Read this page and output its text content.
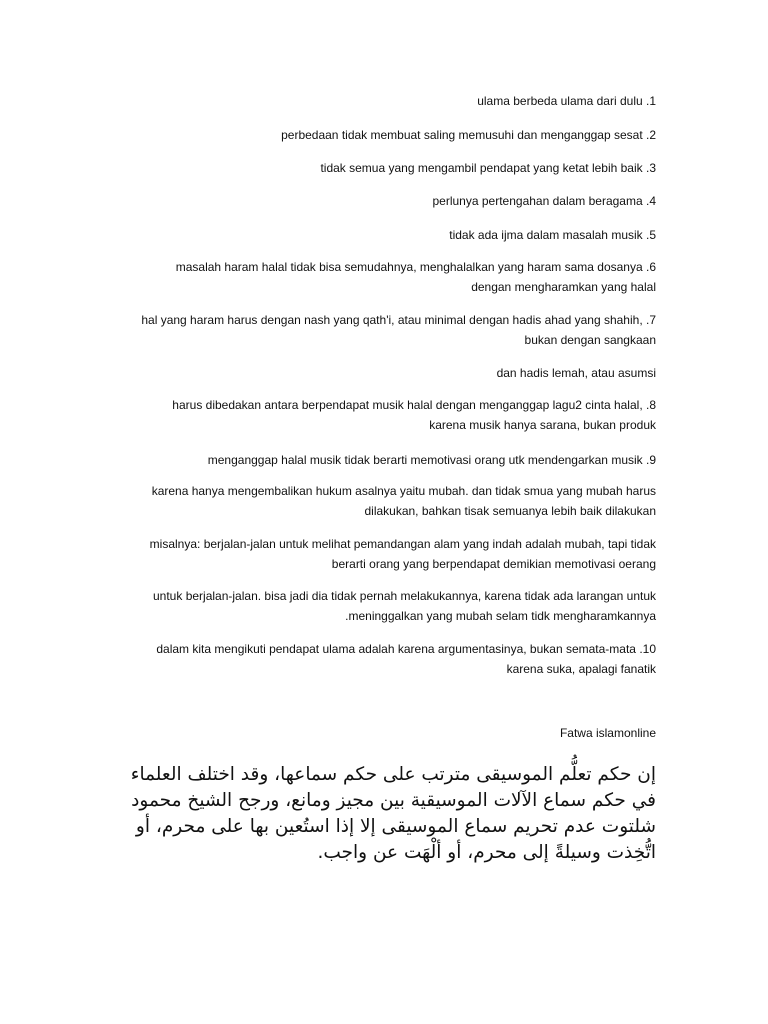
ulama berbeda ulama dari dulu .1
perbedaan tidak membuat saling memusuhi dan menganggap sesat .2
tidak semua yang mengambil pendapat yang ketat lebih baik .3
perlunya pertengahan dalam beragama .4
tidak ada ijma dalam masalah musik .5
masalah haram halal tidak bisa semudahnya, menghalalkan yang haram sama dosanya .6
dengan mengharamkan yang halal
hal yang haram harus dengan nash yang qath'i, atau minimal dengan hadis ahad yang shahih, .7
bukan dengan sangkaan
dan hadis lemah, atau asumsi
harus dibedakan antara berpendapat musik halal dengan menganggap lagu2 cinta halal, .8
karena musik hanya sarana, bukan produk
menganggap halal musik tidak berarti memotivasi orang utk mendengarkan musik .9
karena hanya mengembalikan hukum asalnya yaitu mubah. dan tidak smua yang mubah harus
dilakukan, bahkan tisak semuanya lebih baik dilakukan
misalnya: berjalan-jalan untuk melihat pemandangan alam yang indah adalah mubah, tapi tidak
berarti orang yang berpendapat demikian memotivasi oerang
untuk berjalan-jalan. bisa jadi dia tidak pernah melakukannya, karena tidak ada larangan untuk
.meninggalkan yang mubah selam tidk mengharamkannya
dalam kita mengikuti pendapat ulama adalah karena argumentasinya, bukan semata-mata .10
karena suka, apalagi fanatik
Fatwa islamonline
إن حكم تعلُّم الموسيقى مترتب على حكم سماعها، وقد اختلف العلماء في حكم سماع الآلات الموسيقية بين مجيز ومانع، ورجح الشيخ محمود شلتوت عدم تحريم سماع الموسيقى إلا إذا استُعين بها على محرم، أو اتُّخِذت وسيلةً إلى محرم، أو ألْهَت عن واجب.
